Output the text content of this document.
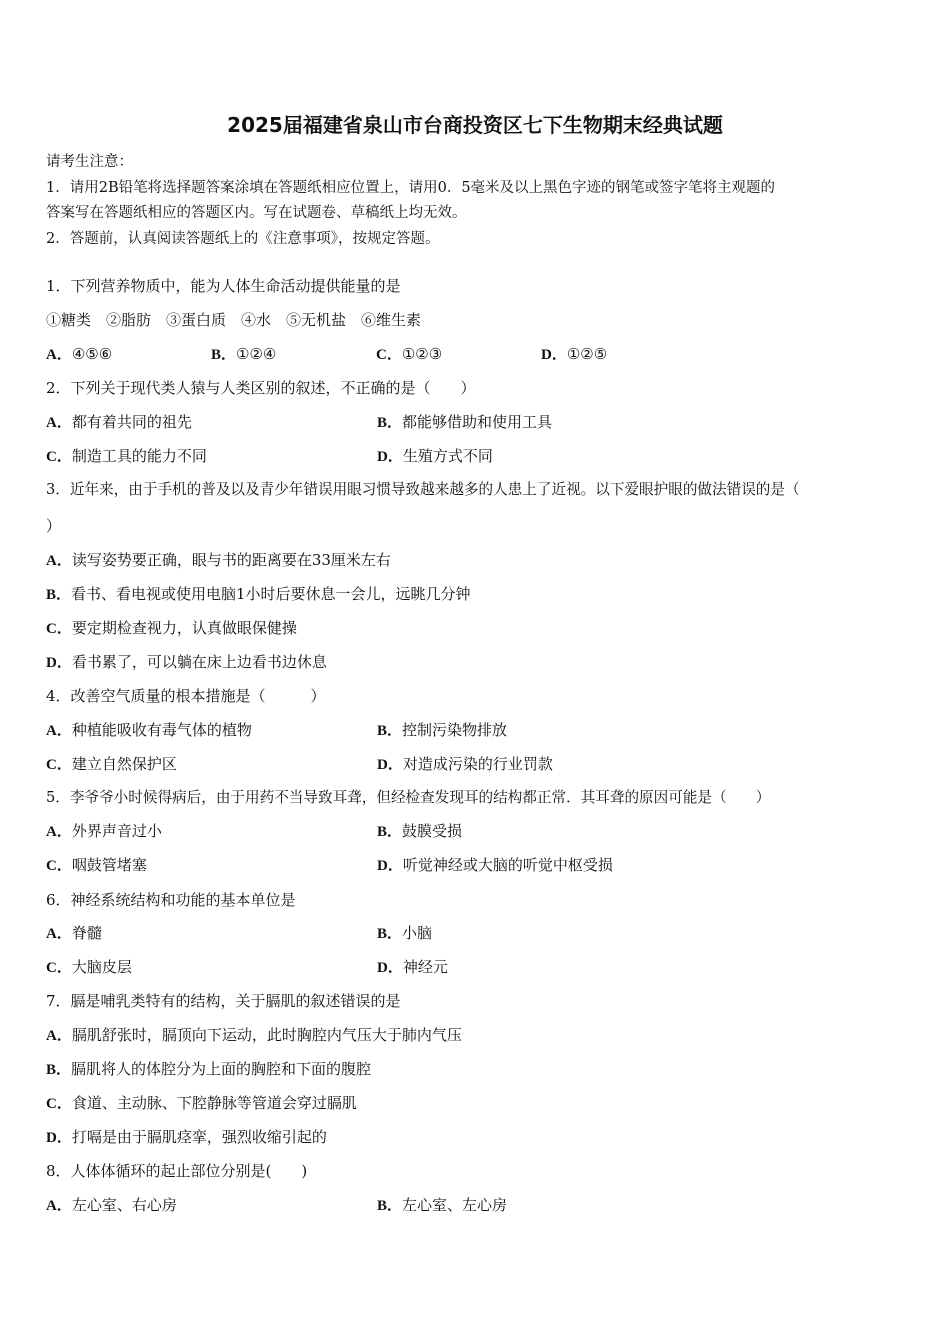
2025届福建省泉山市台商投资区七下生物期末经典试题
请考生注意：
1．请用2B铅笔将选择题答案涂填在答题纸相应位置上，请用0．5毫米及以上黑色字迹的钢笔或签字笔将主观题的
答案写在答题纸相应的答题区内。写在试题卷、草稿纸上均无效。
2．答题前，认真阅读答题纸上的《注意事项》，按规定答题。
1．下列营养物质中，能为人体生命活动提供能量的是
①糖类　②脂肪　③蛋白质　④水　⑤无机盐　⑥维生素
A．④⑤⑥	B．①②④	C．①②③	D．①②⑤
2．下列关于现代类人猿与人类区别的叙述，不正确的是（　　）
A．都有着共同的祖先	B．都能够借助和使用工具
C．制造工具的能力不同	D．生殖方式不同
3．近年来，由于手机的普及以及青少年错误用眼习惯导致越来越多的人患上了近视。以下爱眼护眼的做法错误的是（
）
A．读写姿势要正确，眼与书的距离要在33厘米左右
B．看书、看电视或使用电脑1小时后要休息一会儿，远眺几分钟
C．要定期检查视力，认真做眼保健操
D．看书累了，可以躺在床上边看书边休息
4．改善空气质量的根本措施是（　　　）
A．种植能吸收有毒气体的植物	B．控制污染物排放
C．建立自然保护区	D．对造成污染的行业罚款
5．李爷爷小时候得病后，由于用药不当导致耳聋，但经检查发现耳的结构都正常．其耳聋的原因可能是（　　）
A．外界声音过小	B．鼓膜受损
C．咽鼓管堵塞	D．听觉神经或大脑的听觉中枢受损
6．神经系统结构和功能的基本单位是
A．脊髓	B．小脑
C．大脑皮层	D．神经元
7．膈是哺乳类特有的结构，关于膈肌的叙述错误的是
A．膈肌舒张时，膈顶向下运动，此时胸腔内气压大于肺内气压
B．膈肌将人的体腔分为上面的胸腔和下面的腹腔
C．食道、主动脉、下腔静脉等管道会穿过膈肌
D．打嗝是由于膈肌痉挛，强烈收缩引起的
8．人体体循环的起止部位分别是(　　)
A．左心室、右心房	B．左心室、左心房
